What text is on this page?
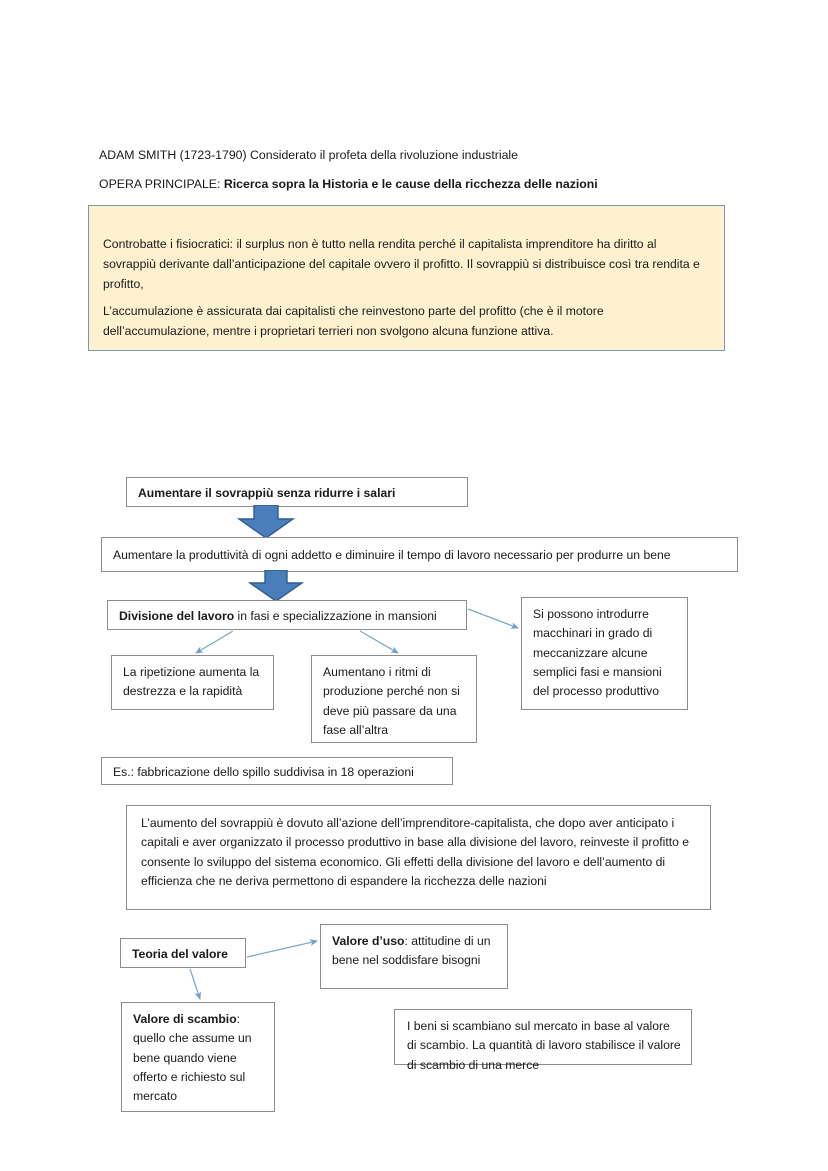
ADAM SMITH (1723-1790) Considerato il profeta della rivoluzione industriale
OPERA PRINCIPALE: Ricerca sopra la Historia e le cause della ricchezza delle nazioni

Controbatte i fisiocratici: il surplus non è tutto nella rendita perché il capitalista imprenditore ha diritto al sovrappiù derivante dall’anticipazione del capitale ovvero il profitto. Il sovrappiù si distribuisce così tra rendita e profitto,

L’accumulazione è assicurata dai capitalisti che reinvestono parte del profitto (che è il motore dell’accumulazione, mentre i proprietari terrieri non svolgono alcuna funzione attiva.

Aumentare il sovrappiù senza ridurre i salari
Aumentare la produttività di ogni addetto e diminuire il tempo di lavoro necessario per produrre un bene
Divisione del lavoro in fasi e specializzazione in mansioni
La ripetizione aumenta la destrezza e la rapidità
Aumentano i ritmi di produzione perché non si deve più passare da una fase all’altra
Si possono introdurre macchinari in grado di meccanizzare alcune semplici fasi e mansioni del processo produttivo
Es.: fabbricazione dello spillo suddivisa in 18 operazioni
L’aumento del sovrappiù è dovuto all’azione dell’imprenditore-capitalista, che dopo aver anticipato i capitali e aver organizzato il processo produttivo in base alla divisione del lavoro, reinveste il profitto e consente lo sviluppo del sistema economico. Gli effetti della divisione del lavoro e dell’aumento di efficienza che ne deriva permettono di espandere la ricchezza delle nazioni
Teoria del valore
Valore d’uso: attitudine di un bene nel soddisfare bisogni
Valore di scambio: quello che assume un bene quando viene offerto e richiesto sul mercato
I beni si scambiano sul mercato in base al valore di scambio. La quantità di lavoro stabilisce il valore di scambio di una merce
